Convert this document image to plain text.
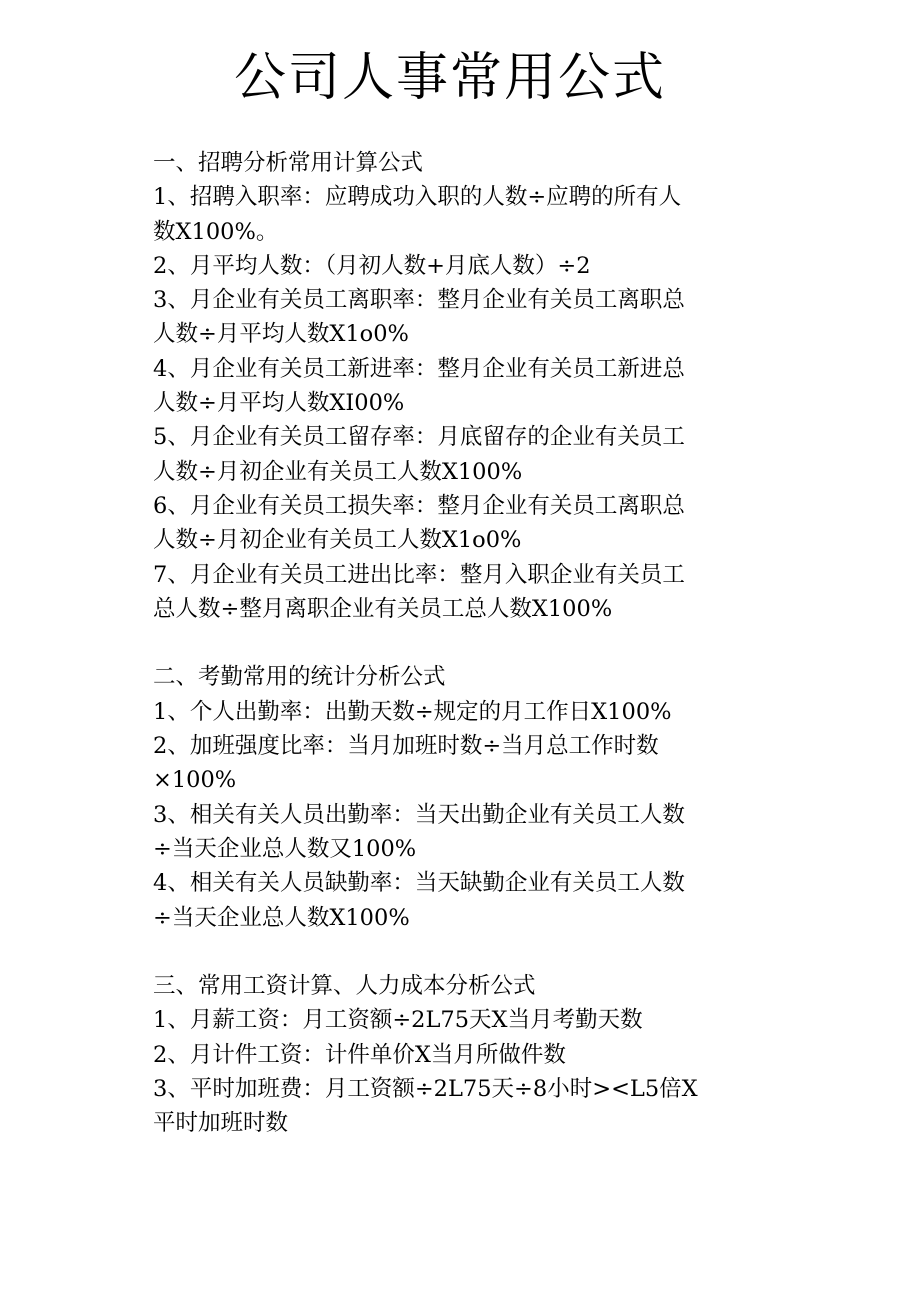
公司人事常用公式
一、招聘分析常用计算公式
1、招聘入职率：应聘成功入职的人数÷应聘的所有人
数X100%。
2、月平均人数：（月初人数+月底人数）÷2
3、月企业有关员工离职率：整月企业有关员工离职总
人数÷月平均人数X1o0%
4、月企业有关员工新进率：整月企业有关员工新进总
人数÷月平均人数XI00%
5、月企业有关员工留存率：月底留存的企业有关员工
人数÷月初企业有关员工人数X100%
6、月企业有关员工损失率：整月企业有关员工离职总
人数÷月初企业有关员工人数X1o0%
7、月企业有关员工进出比率：整月入职企业有关员工
总人数÷整月离职企业有关员工总人数X100%
二、考勤常用的统计分析公式
1、个人出勤率：出勤天数÷规定的月工作日X100%
2、加班强度比率：当月加班时数÷当月总工作时数
×100%
3、相关有关人员出勤率：当天出勤企业有关员工人数
÷当天企业总人数又100%
4、相关有关人员缺勤率：当天缺勤企业有关员工人数
÷当天企业总人数X100%
三、常用工资计算、人力成本分析公式
1、月薪工资：月工资额÷2L75天X当月考勤天数
2、月计件工资：计件单价X当月所做件数
3、平时加班费：月工资额÷2L75天÷8小时><L5倍X
平时加班时数
